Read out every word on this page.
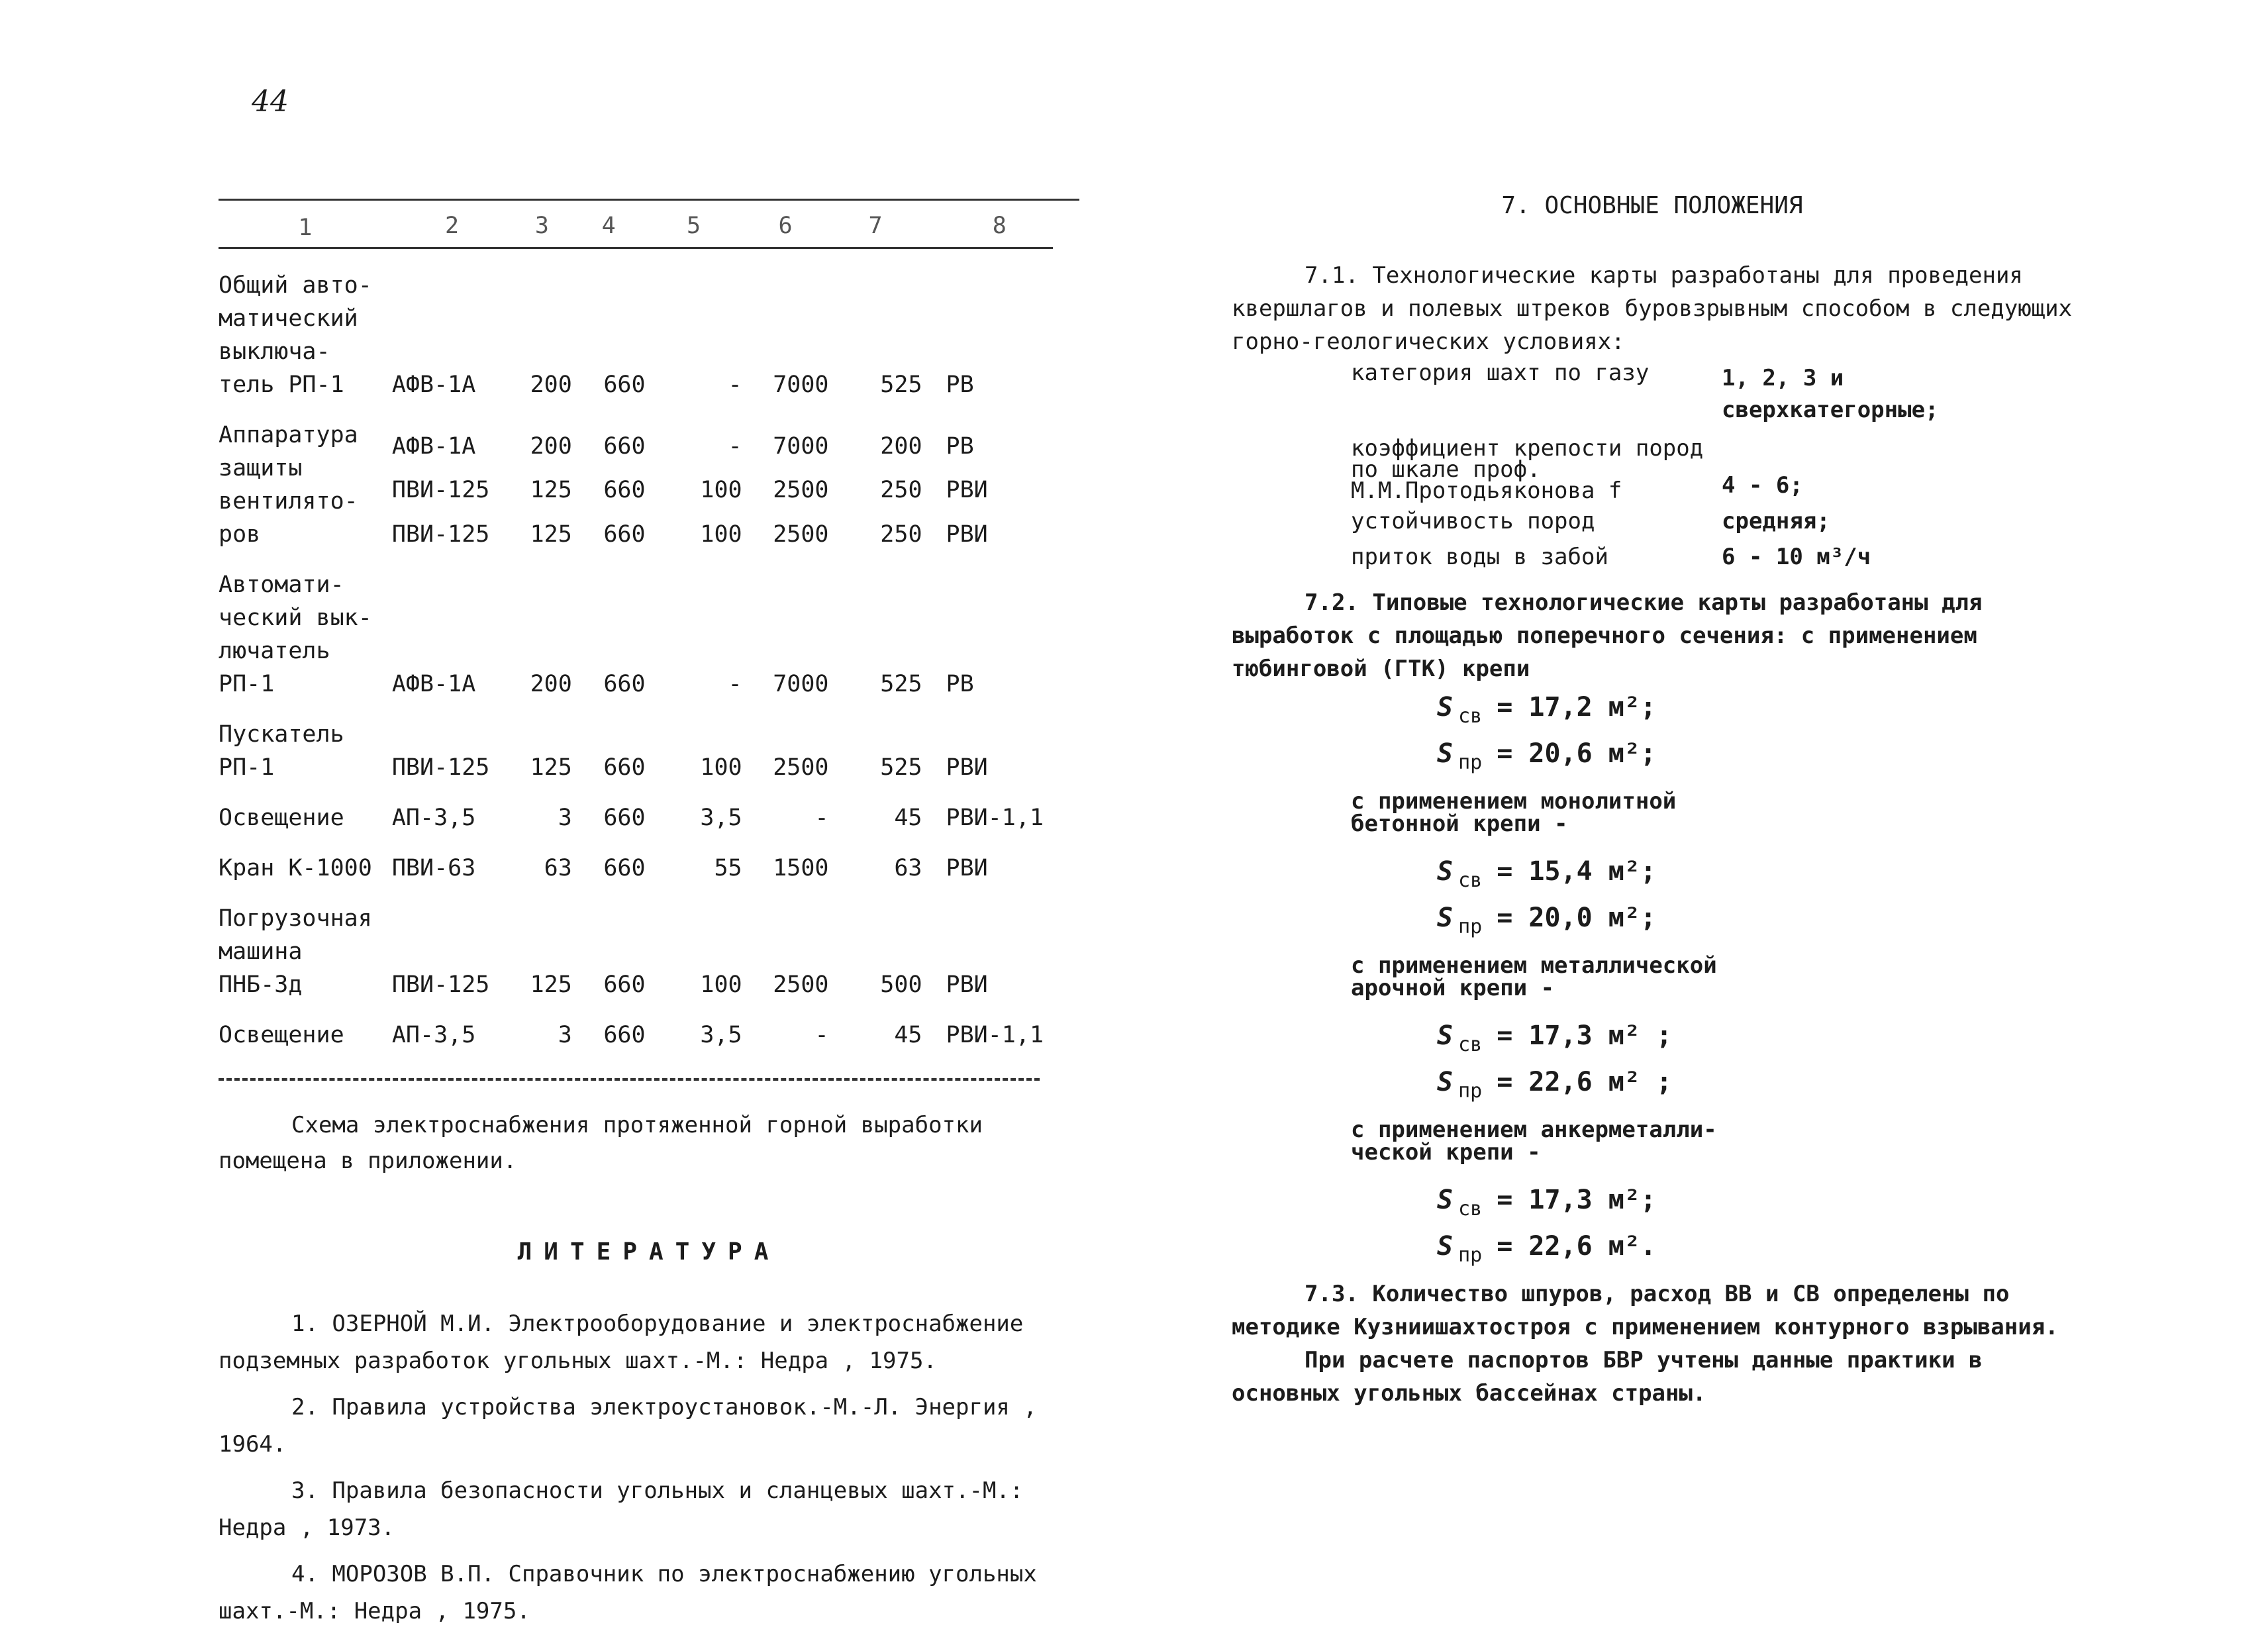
44
1	2	3	4	5	6	7	8

Общий авто-
матический
выключа-
тель РП-1	АФВ-1А	200	660	-	7000	525	РВ

Аппаратура
защиты
вентилято-
ров	АФВ-1А	200	660	-	7000	200	РВ
	ПВИ-125	125	660	100	2500	250	РВИ
	ПВИ-125	125	660	100	2500	250	РВИ

Автомати-
ческий вык-
лючатель
РП-1	АФВ-1А	200	660	-	7000	525	РВ

Пускатель
РП-1	ПВИ-125	125	660	100	2500	525	РВИ

Освещение	АП-3,5	3	660	3,5	-	45	РВИ-1,1

Кран К-1000	ПВИ-63	63	660	55	1500	63	РВИ

Погрузочная
машина
ПНБ-3д	ПВИ-125	125	660	100	2500	500	РВИ

Освещение	АП-3,5	3	660	3,5	-	45	РВИ-1,1

Схема электроснабжения протяженной горной выработки помещена в приложении.

ЛИТЕРАТУРА
1. ОЗЕРНОЙ М.И. Электрооборудование и электроснабжение подземных разработок угольных шахт.-М.: Недра , 1975.
2. Правила устройства электроустановок.-М.-Л. Энергия , 1964.
3. Правила безопасности угольных и сланцевых шахт.-М.: Недра , 1973.
4. МОРОЗОВ В.П. Справочник по электроснабжению угольных шахт.-М.: Недра , 1975.
7. ОСНОВНЫЕ ПОЛОЖЕНИЯ

7.1. Технологические карты разработаны для проведения квершлагов и полевых штреков буровзрывным способом в следующих горно-геологических условиях:

категория шахт по газу	1, 2, 3 и сверхкатегорные;
коэффициент крепости пород по шкале проф. М.М.Протодьяконова f	4 - 6;
устойчивость пород	средняя;
приток воды в забой	6 - 10 м³/ч

7.2. Типовые технологические карты разработаны для выработок с площадью поперечного сечения: с применением тюбинговой (ГТК) крепи

S $_{св}$ = 17,2 м²;
S $_{пр}$ = 20,6 м²;
с применением монолитной
бетонной крепи -
S $_{св}$ = 15,4 м²;
S $_{пр}$ = 20,0 м²;
с применением металлической
арочной крепи -
S $_{св}$ = 17,3 м² ;
S $_{пр}$ = 22,6 м² ;
с применением анкерметалли-
ческой крепи -
S $_{св}$ = 17,3 м²;
S $_{пр}$ = 22,6 м².

7.3. Количество шпуров, расход ВВ и СВ определены по методике Кузниишахтостроя с применением контурного взрывания.

При расчете паспортов БВР учтены данные практики в основных угольных бассейнах страны.
